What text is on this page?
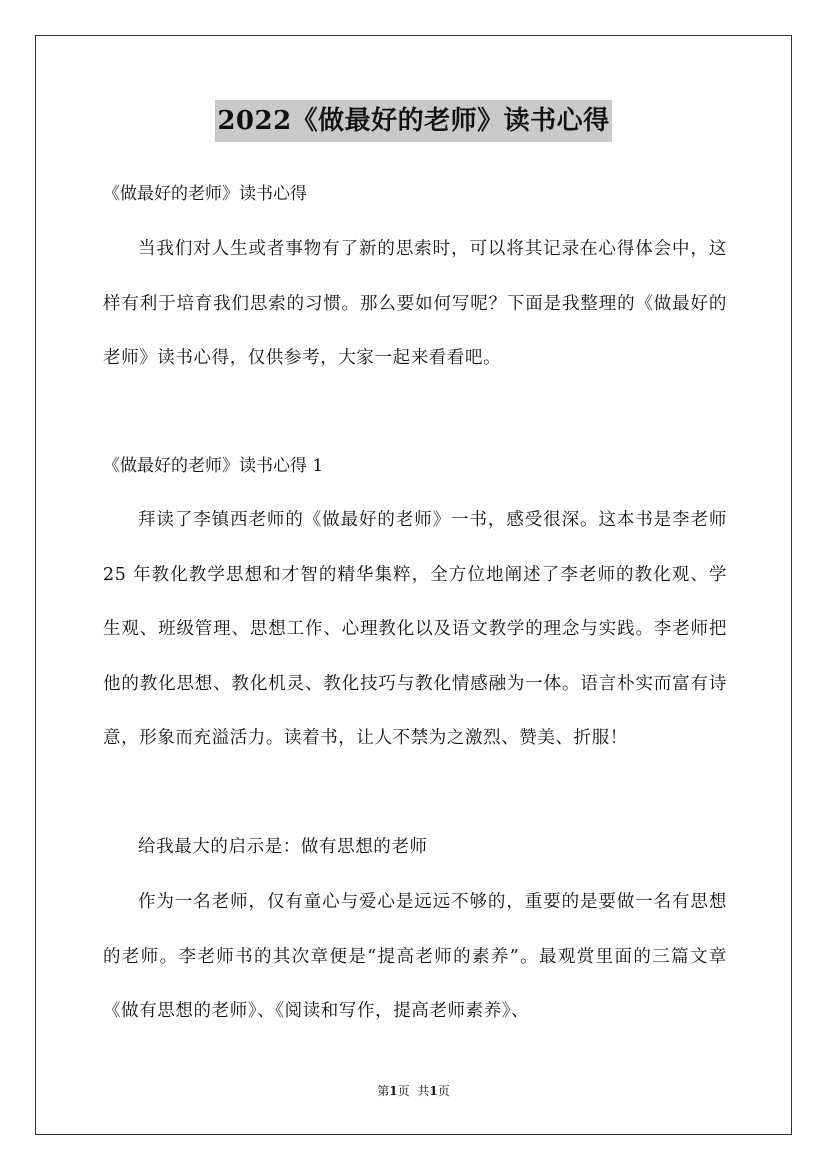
2022《做最好的老师》读书心得
《做最好的老师》读书心得
当我们对人生或者事物有了新的思索时，可以将其记录在心得体会中，这样有利于培育我们思索的习惯。那么要如何写呢？下面是我整理的《做最好的老师》读书心得，仅供参考，大家一起来看看吧。
《做最好的老师》读书心得 1
拜读了李镇西老师的《做最好的老师》一书，感受很深。这本书是李老师 25 年教化教学思想和才智的精华集粹，全方位地阐述了李老师的教化观、学生观、班级管理、思想工作、心理教化以及语文教学的理念与实践。李老师把他的教化思想、教化机灵、教化技巧与教化情感融为一体。语言朴实而富有诗意，形象而充溢活力。读着书，让人不禁为之激烈、赞美、折服！
给我最大的启示是：做有思想的老师
作为一名老师，仅有童心与爱心是远远不够的，重要的是要做一名有思想的老师。李老师书的其次章便是“提高老师的素养”。最观赏里面的三篇文章《做有思想的老师》、《阅读和写作，提高老师素养》、
第1页 共1页
